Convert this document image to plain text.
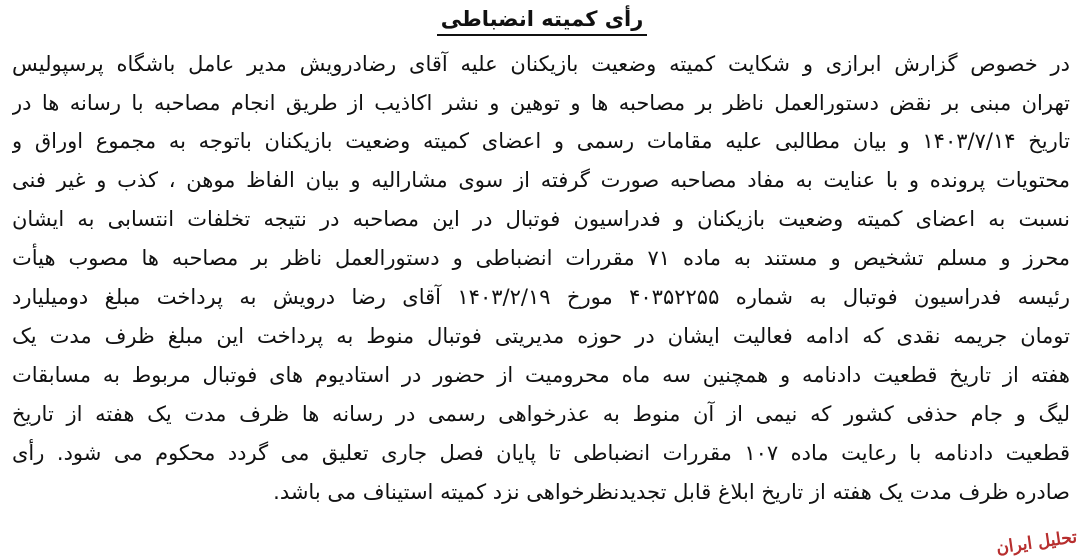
رأی کمیته انضباطی
در خصوص گزارش ابرازی و شکایت کمیته وضعیت بازیکنان علیه آقای رضادرویش مدیر عامل باشگاه پرسپولیس
تهران مبنی بر نقض دستورالعمل ناظر بر مصاحبه ها و توهین و نشر اکاذیب از طریق انجام مصاحبه با رسانه ها در
تاریخ ۱۴۰۳/۷/۱۴ و بیان مطالبی علیه مقامات رسمی و اعضای کمیته وضعیت بازیکنان باتوجه به مجموع اوراق و
محتویات پرونده و با عنایت به مفاد مصاحبه صورت گرفته از سوی مشارالیه و بیان الفاظ موهن ، کذب و غیر فنی
نسبت به اعضای کمیته وضعیت بازیکنان و فدراسیون فوتبال در این مصاحبه در نتیجه تخلفات انتسابی به ایشان
محرز و مسلم تشخیص و مستند به ماده ۷۱ مقررات انضباطی و دستورالعمل ناظر بر مصاحبه ها مصوب هیأت
رئیسه فدراسیون فوتبال به شماره ۴۰۳۵۲۲۵۵ مورخ ۱۴۰۳/۲/۱۹ آقای رضا درویش به پرداخت مبلغ دومیلیارد
تومان جریمه نقدی که ادامه فعالیت ایشان در حوزه مدیریتی فوتبال منوط به پرداخت این مبلغ ظرف مدت یک
هفته از تاریخ قطعیت دادنامه و همچنین سه ماه محرومیت از حضور در استادیوم های فوتبال مربوط به مسابقات
لیگ و جام حذفی کشور که نیمی از آن منوط به عذرخواهی رسمی در رسانه ها ظرف مدت یک هفته از تاریخ
قطعیت دادنامه با رعایت ماده ۱۰۷ مقررات انضباطی تا پایان فصل جاری تعلیق می گردد محکوم می شود. رأی
صادره ظرف مدت یک هفته از تاریخ ابلاغ قابل تجدیدنظرخواهی نزد کمیته استیناف می باشد.
تحلیل ایران
